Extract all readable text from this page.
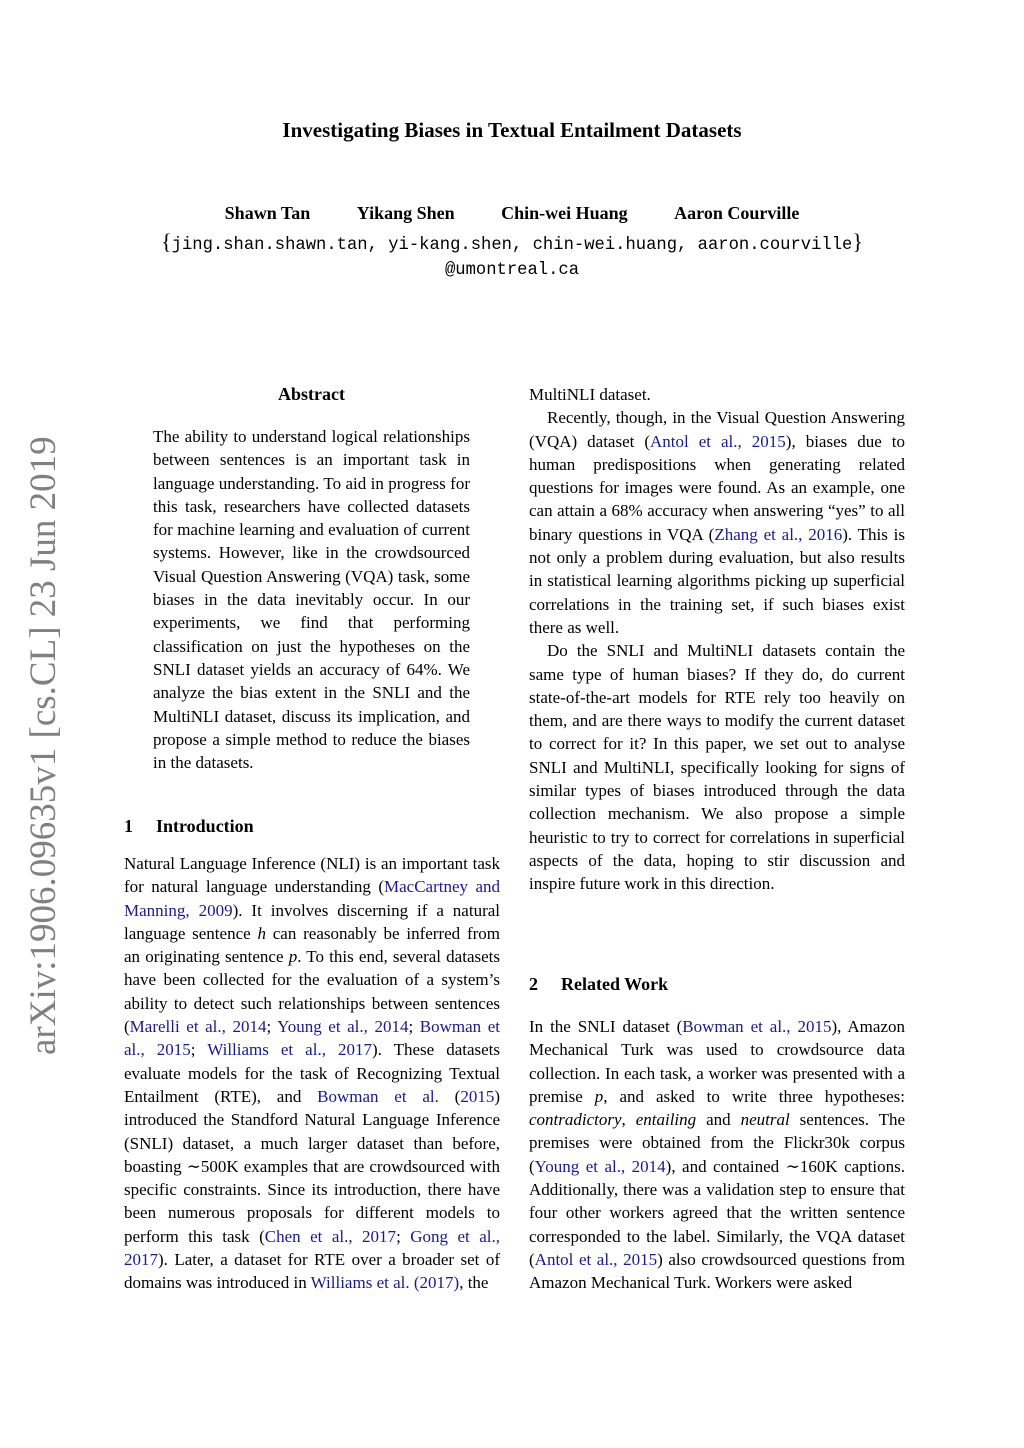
arXiv:1906.09635v1 [cs.CL] 23 Jun 2019
Investigating Biases in Textual Entailment Datasets
Shawn Tan	Yikang Shen	Chin-wei Huang	Aaron Courville
{jing.shan.shawn.tan, yi-kang.shen, chin-wei.huang, aaron.courville}
@umontreal.ca
Abstract

The ability to understand logical relationships between sentences is an important task in language understanding. To aid in progress for this task, researchers have collected datasets for machine learning and evaluation of current systems. However, like in the crowdsourced Visual Question Answering (VQA) task, some biases in the data inevitably occur. In our experiments, we find that performing classification on just the hypotheses on the SNLI dataset yields an accuracy of 64%. We analyze the bias extent in the SNLI and the MultiNLI dataset, discuss its implication, and propose a simple method to reduce the biases in the datasets.

1 Introduction

Natural Language Inference (NLI) is an important task for natural language understanding (MacCartney and Manning, 2009). It involves discerning if a natural language sentence h can reasonably be inferred from an originating sentence p. To this end, several datasets have been collected for the evaluation of a system’s ability to detect such relationships between sentences (Marelli et al., 2014; Young et al., 2014; Bowman et al., 2015; Williams et al., 2017). These datasets evaluate models for the task of Recognizing Textual Entailment (RTE), and Bowman et al. (2015) introduced the Standford Natural Language Inference (SNLI) dataset, a much larger dataset than before, boasting ∼500K examples that are crowdsourced with specific constraints. Since its introduction, there have been numerous proposals for different models to perform this task (Chen et al., 2017; Gong et al., 2017). Later, a dataset for RTE over a broader set of domains was introduced in Williams et al. (2017), the

MultiNLI dataset.

Recently, though, in the Visual Question Answering (VQA) dataset (Antol et al., 2015), biases due to human predispositions when generating related questions for images were found. As an example, one can attain a 68% accuracy when answering “yes” to all binary questions in VQA (Zhang et al., 2016). This is not only a problem during evaluation, but also results in statistical learning algorithms picking up superficial correlations in the training set, if such biases exist there as well.

Do the SNLI and MultiNLI datasets contain the same type of human biases? If they do, do current state-of-the-art models for RTE rely too heavily on them, and are there ways to modify the current dataset to correct for it? In this paper, we set out to analyse SNLI and MultiNLI, specifically looking for signs of similar types of biases introduced through the data collection mechanism. We also propose a simple heuristic to try to correct for correlations in superficial aspects of the data, hoping to stir discussion and inspire future work in this direction.

2 Related Work

In the SNLI dataset (Bowman et al., 2015), Amazon Mechanical Turk was used to crowdsource data collection. In each task, a worker was presented with a premise p, and asked to write three hypotheses: contradictory, entailing and neutral sentences. The premises were obtained from the Flickr30k corpus (Young et al., 2014), and contained ∼160K captions. Additionally, there was a validation step to ensure that four other workers agreed that the written sentence corresponded to the label. Similarly, the VQA dataset (Antol et al., 2015) also crowdsourced questions from Amazon Mechanical Turk. Workers were asked
